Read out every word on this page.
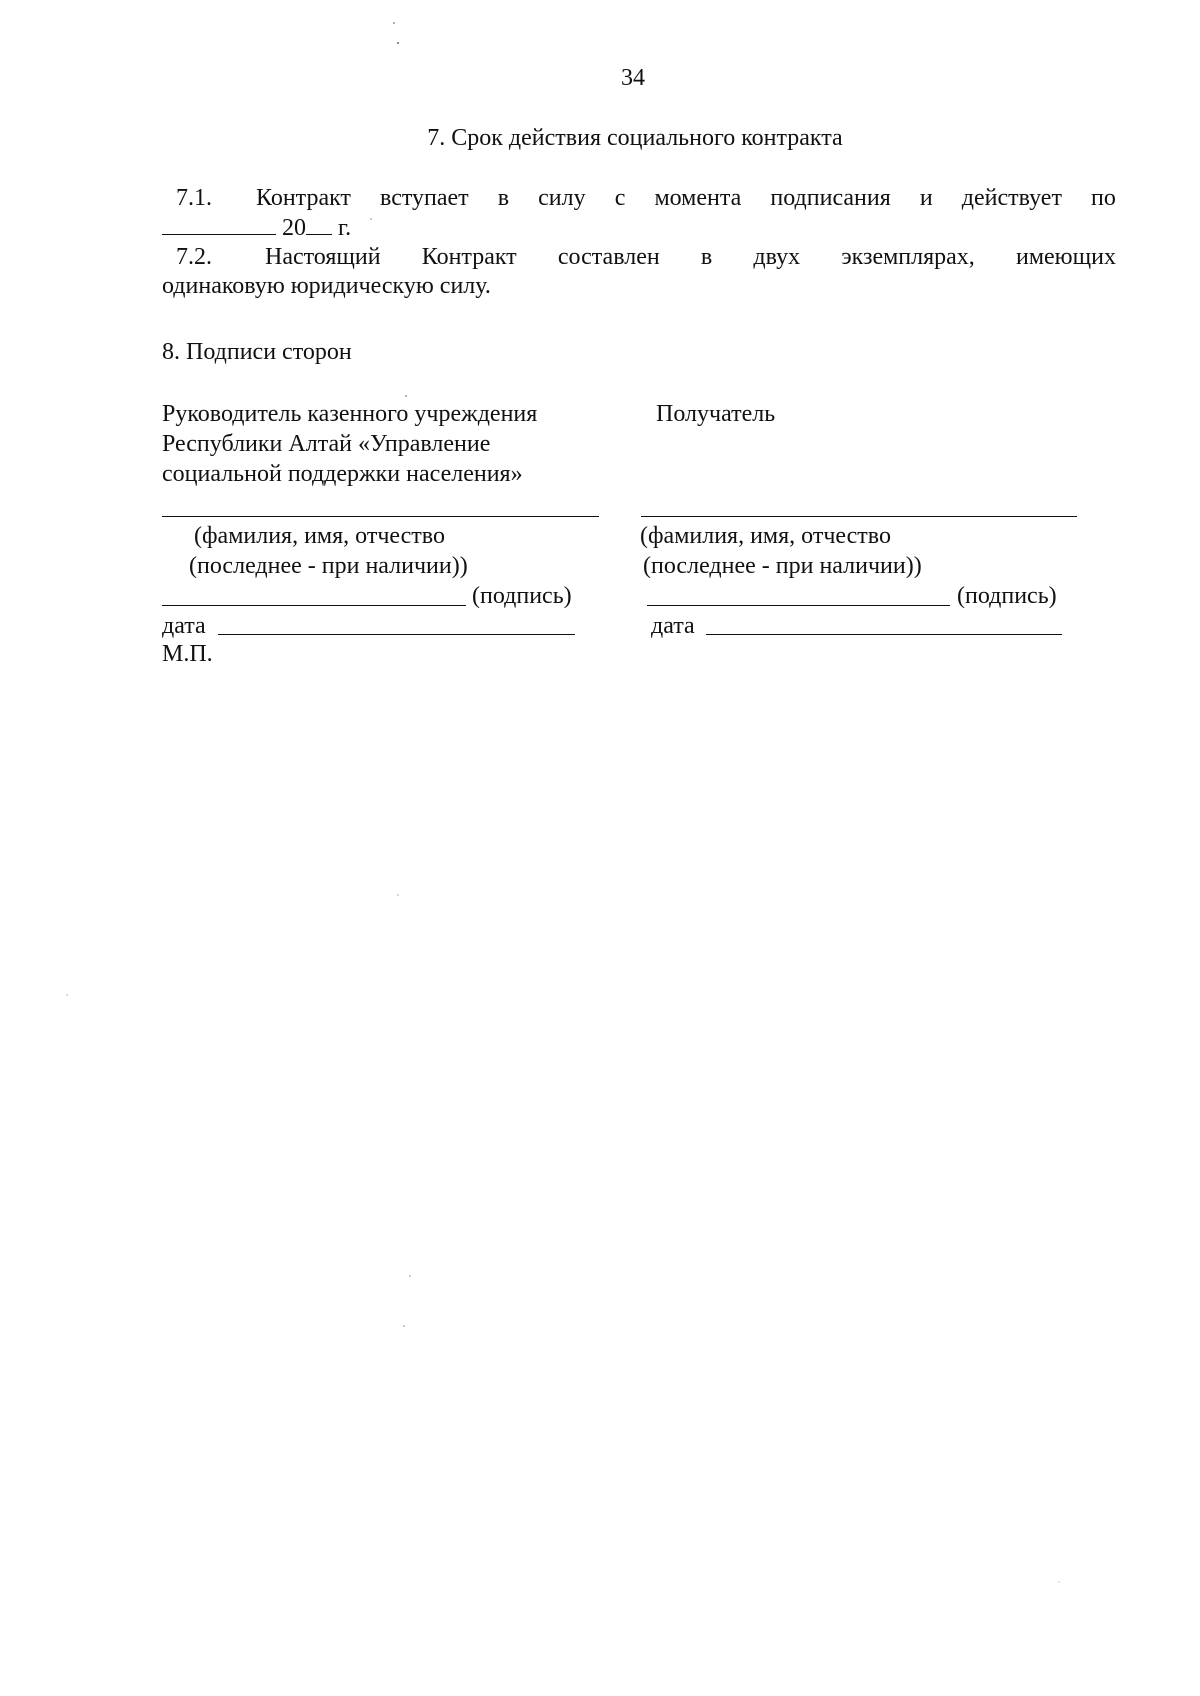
34
7. Срок действия социального контракта
7.1. Контракт вступает в силу с момента подписания и действует по
20 г.
7.2. Настоящий Контракт составлен в двух экземплярах, имеющих
одинаковую юридическую силу.
8. Подписи сторон
Руководитель казенного учреждения
Республики Алтай «Управление
социальной поддержки населения»
(фамилия, имя, отчество
(последнее - при наличии))
(подпись)
дата
М.П.
Получатель
(фамилия, имя, отчество
(последнее - при наличии))
(подпись)
дата
